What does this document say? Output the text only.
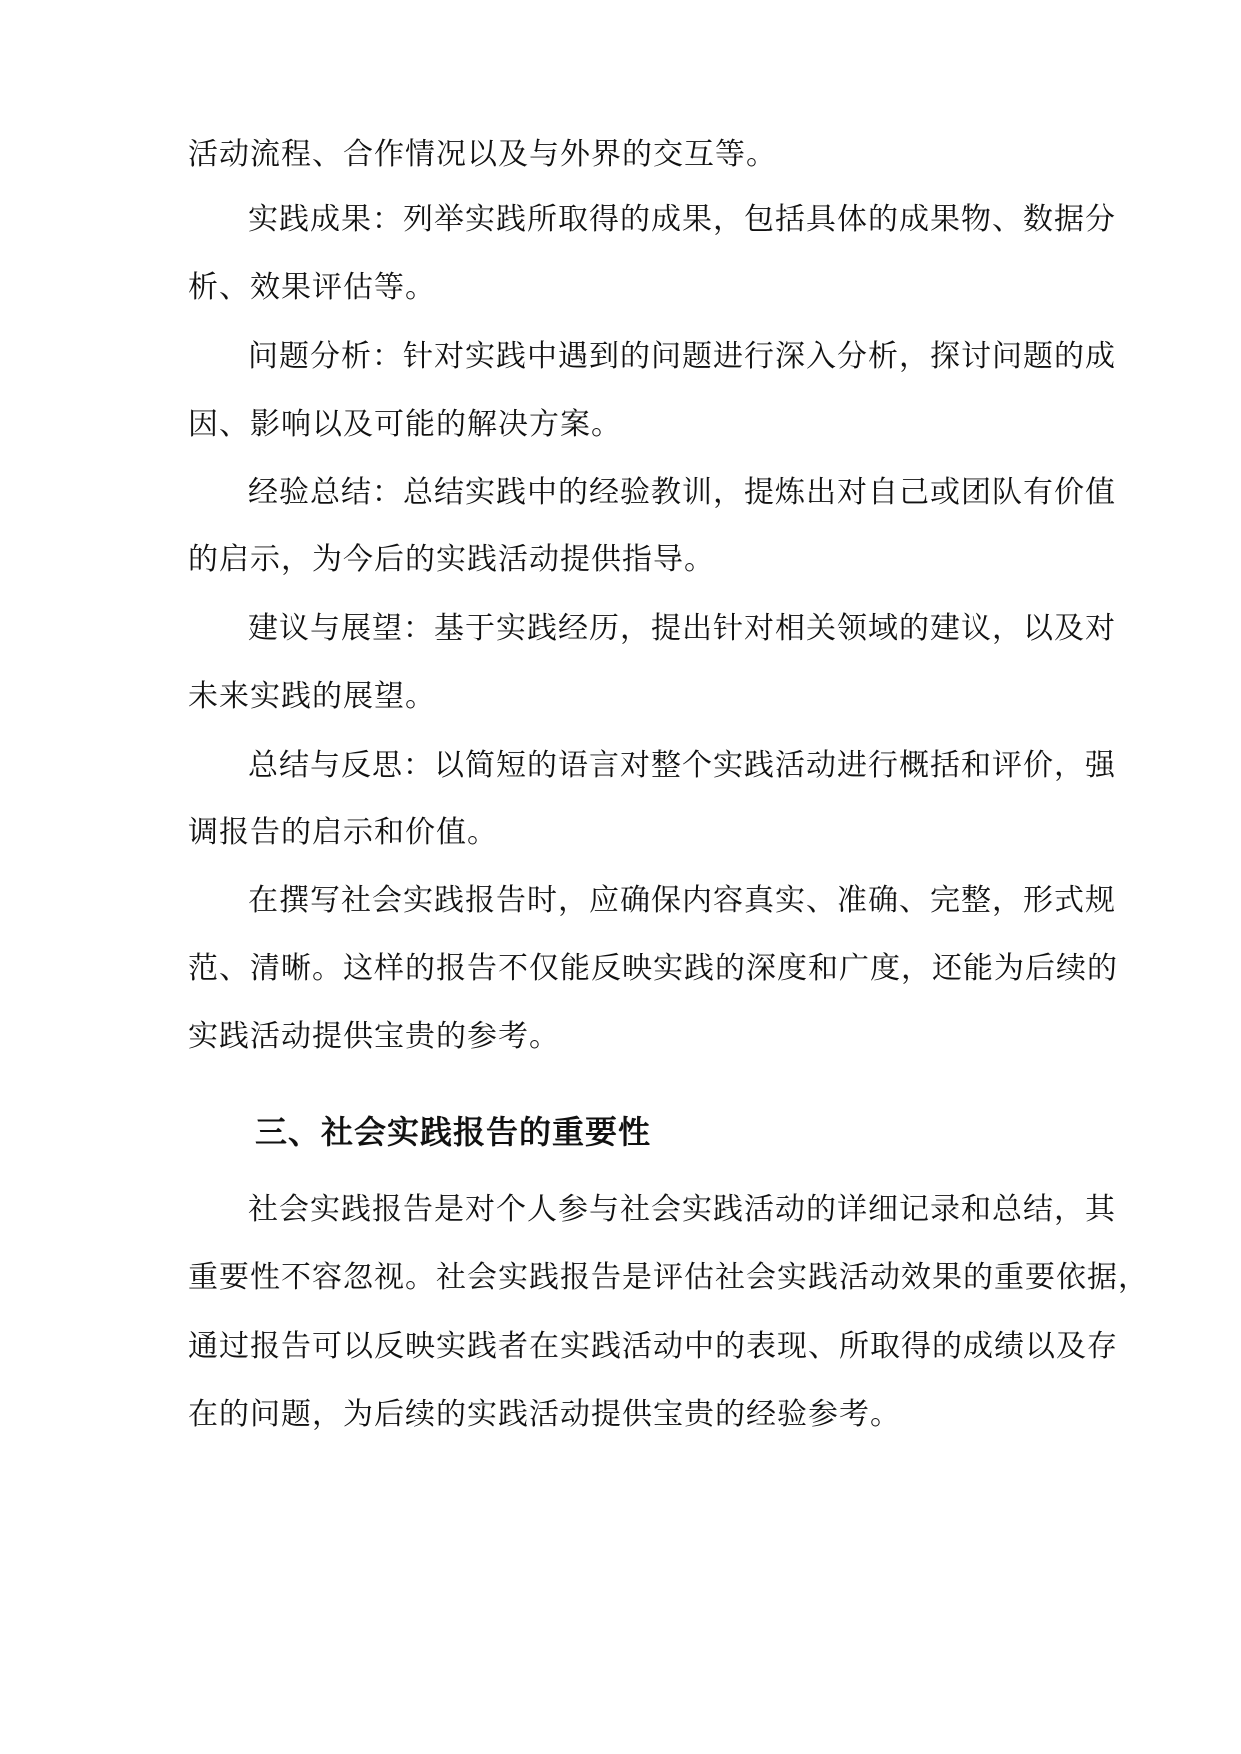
活动流程、合作情况以及与外界的交互等。
实践成果：列举实践所取得的成果，包括具体的成果物、数据分
析、效果评估等。
问题分析：针对实践中遇到的问题进行深入分析，探讨问题的成
因、影响以及可能的解决方案。
经验总结：总结实践中的经验教训，提炼出对自己或团队有价值
的启示，为今后的实践活动提供指导。
建议与展望：基于实践经历，提出针对相关领域的建议，以及对
未来实践的展望。
总结与反思：以简短的语言对整个实践活动进行概括和评价，强
调报告的启示和价值。
在撰写社会实践报告时，应确保内容真实、准确、完整，形式规
范、清晰。这样的报告不仅能反映实践的深度和广度，还能为后续的
实践活动提供宝贵的参考。
三、社会实践报告的重要性
社会实践报告是对个人参与社会实践活动的详细记录和总结，其
重要性不容忽视。社会实践报告是评估社会实践活动效果的重要依据，
通过报告可以反映实践者在实践活动中的表现、所取得的成绩以及存
在的问题，为后续的实践活动提供宝贵的经验参考。
